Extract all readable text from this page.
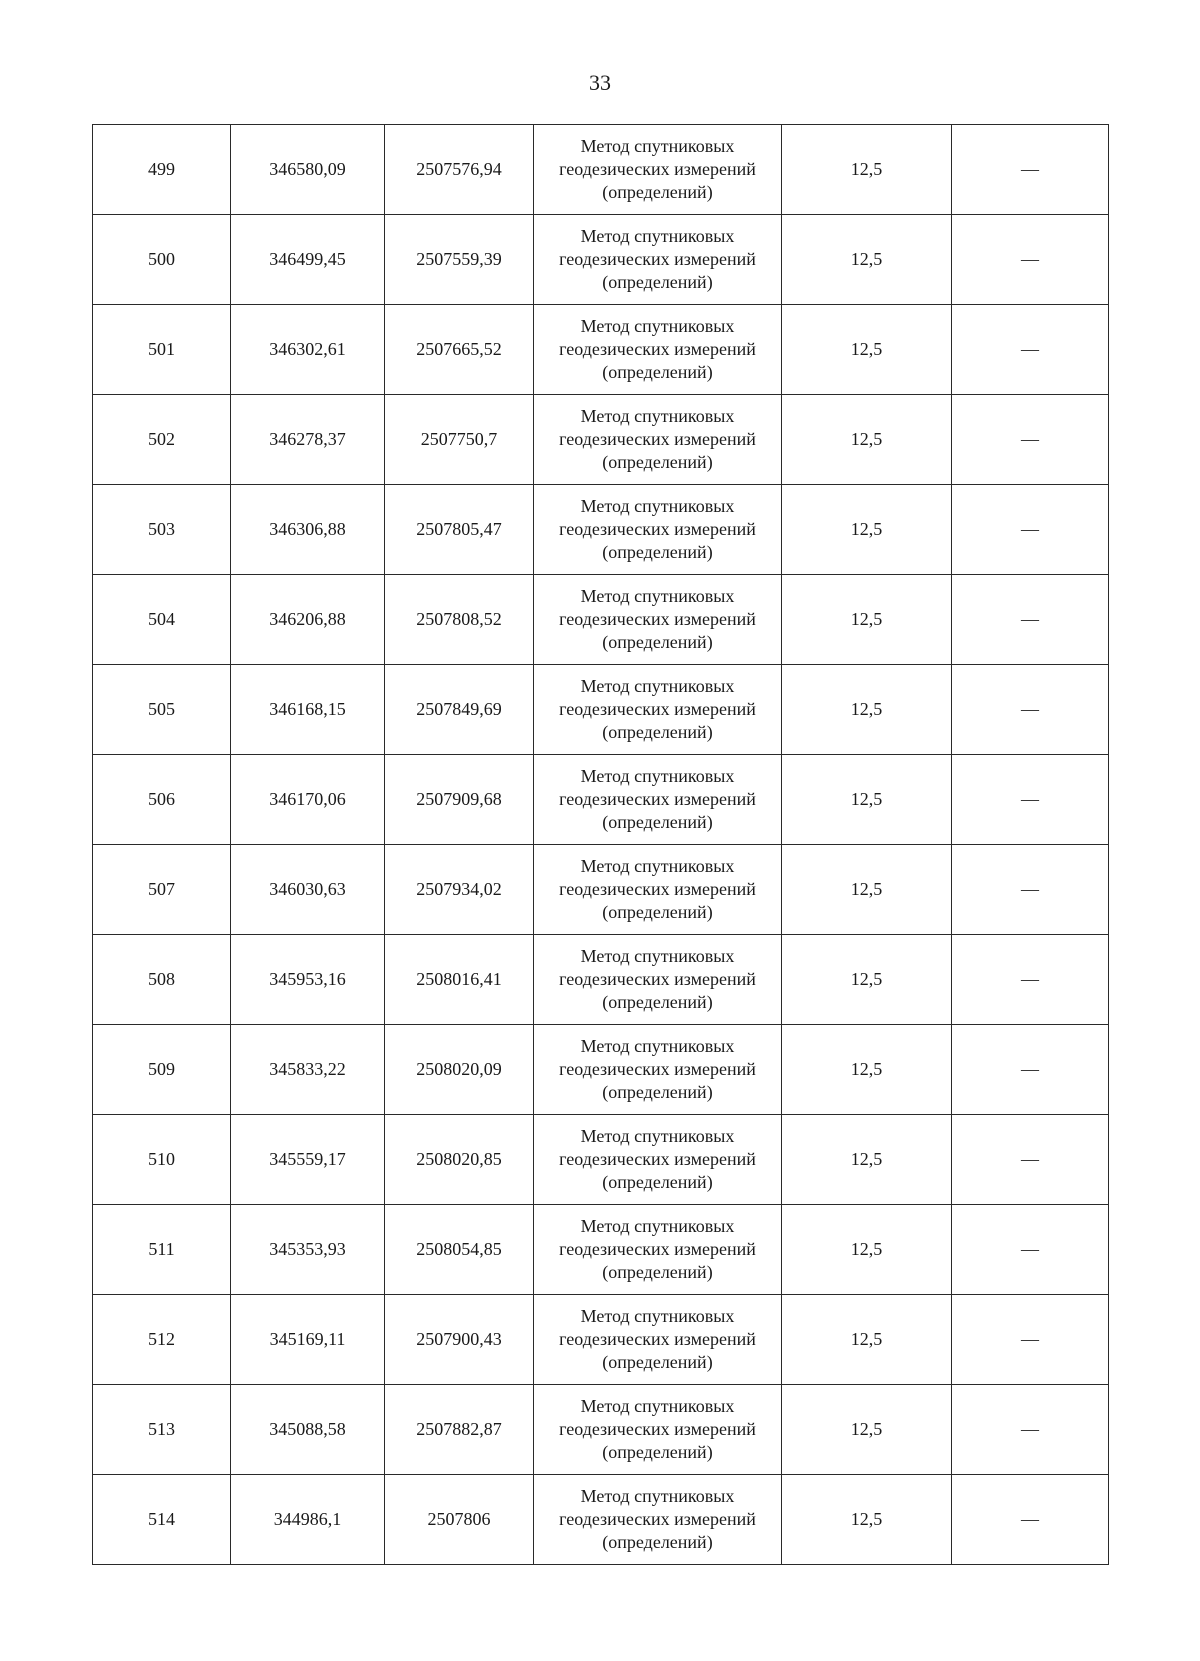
33
499	346580,09	2507576,94	Метод спутниковых
геодезических измерений
(определений)	12,5	—
500	346499,45	2507559,39	Метод спутниковых
геодезических измерений
(определений)	12,5	—
501	346302,61	2507665,52	Метод спутниковых
геодезических измерений
(определений)	12,5	—
502	346278,37	2507750,7	Метод спутниковых
геодезических измерений
(определений)	12,5	—
503	346306,88	2507805,47	Метод спутниковых
геодезических измерений
(определений)	12,5	—
504	346206,88	2507808,52	Метод спутниковых
геодезических измерений
(определений)	12,5	—
505	346168,15	2507849,69	Метод спутниковых
геодезических измерений
(определений)	12,5	—
506	346170,06	2507909,68	Метод спутниковых
геодезических измерений
(определений)	12,5	—
507	346030,63	2507934,02	Метод спутниковых
геодезических измерений
(определений)	12,5	—
508	345953,16	2508016,41	Метод спутниковых
геодезических измерений
(определений)	12,5	—
509	345833,22	2508020,09	Метод спутниковых
геодезических измерений
(определений)	12,5	—
510	345559,17	2508020,85	Метод спутниковых
геодезических измерений
(определений)	12,5	—
511	345353,93	2508054,85	Метод спутниковых
геодезических измерений
(определений)	12,5	—
512	345169,11	2507900,43	Метод спутниковых
геодезических измерений
(определений)	12,5	—
513	345088,58	2507882,87	Метод спутниковых
геодезических измерений
(определений)	12,5	—
514	344986,1	2507806	Метод спутниковых
геодезических измерений
(определений)	12,5	—
